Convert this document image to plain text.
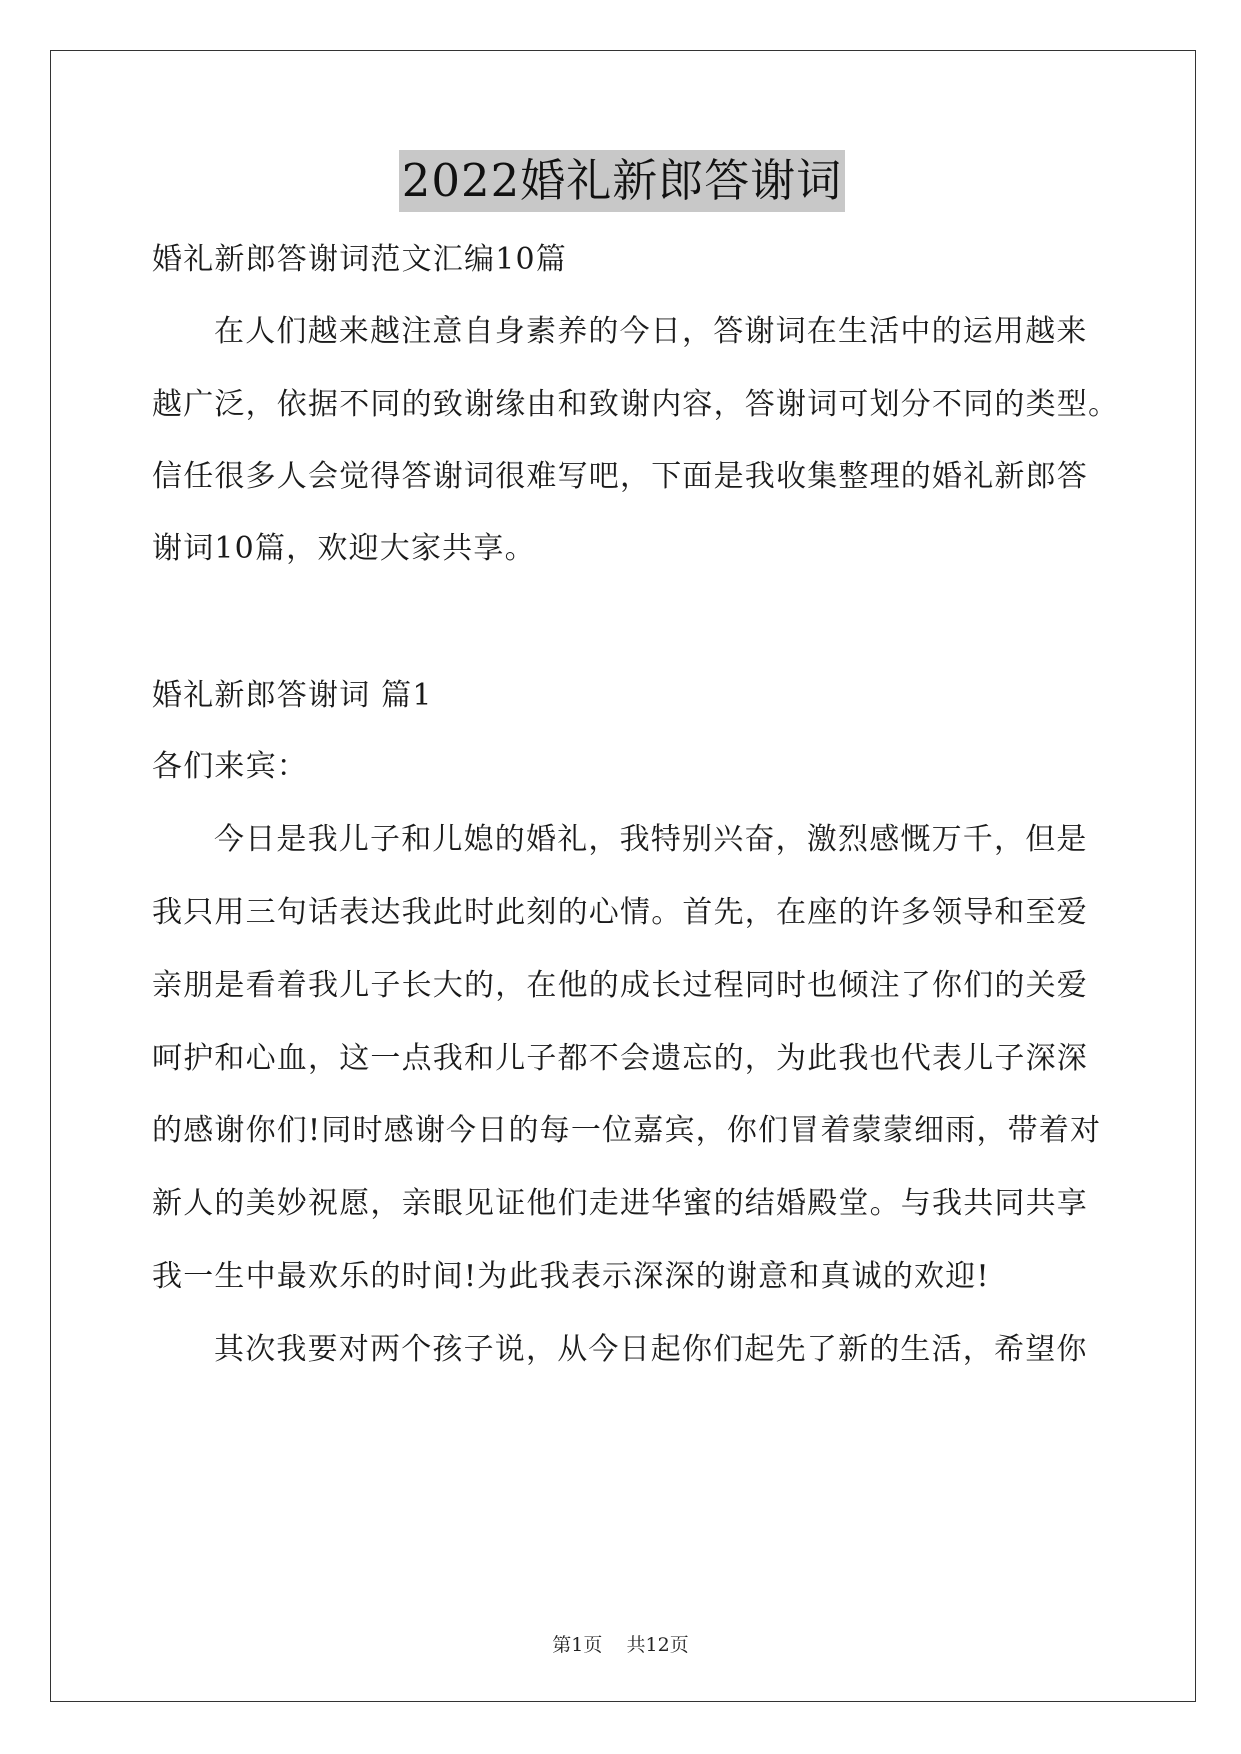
2022婚礼新郎答谢词
婚礼新郎答谢词范文汇编10篇
在人们越来越注意自身素养的今日，答谢词在生活中的运用越来
越广泛，依据不同的致谢缘由和致谢内容，答谢词可划分不同的类型。
信任很多人会觉得答谢词很难写吧，下面是我收集整理的婚礼新郎答
谢词10篇，欢迎大家共享。
婚礼新郎答谢词 篇1
各们来宾：
今日是我儿子和儿媳的婚礼，我特别兴奋，激烈感慨万千，但是
我只用三句话表达我此时此刻的心情。首先，在座的许多领导和至爱
亲朋是看着我儿子长大的，在他的成长过程同时也倾注了你们的关爱
呵护和心血，这一点我和儿子都不会遗忘的，为此我也代表儿子深深
的感谢你们!同时感谢今日的每一位嘉宾，你们冒着蒙蒙细雨，带着对
新人的美妙祝愿，亲眼见证他们走进华蜜的结婚殿堂。与我共同共享
我一生中最欢乐的时间!为此我表示深深的谢意和真诚的欢迎!
其次我要对两个孩子说，从今日起你们起先了新的生活，希望你
第1页    共12页
